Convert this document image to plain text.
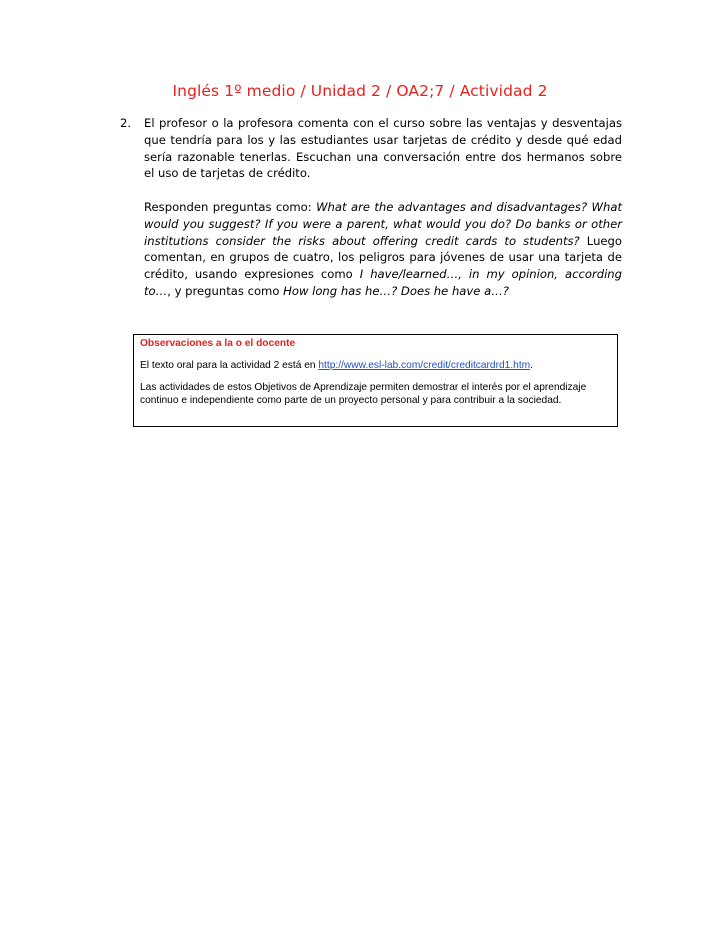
Inglés 1º medio / Unidad 2 / OA2;7 / Actividad 2
2. El profesor o la profesora comenta con el curso sobre las ventajas y desventajas que tendría para los y las estudiantes usar tarjetas de crédito y desde qué edad sería razonable tenerlas. Escuchan una conversación entre dos hermanos sobre el uso de tarjetas de crédito.

Responden preguntas como: What are the advantages and disadvantages? What would you suggest? If you were a parent, what would you do? Do banks or other institutions consider the risks about offering credit cards to students? Luego comentan, en grupos de cuatro, los peligros para jóvenes de usar una tarjeta de crédito, usando expresiones como I have/learned…, in my opinion, according to…, y preguntas como How long has he…? Does he have a…?

Observaciones a la o el docente

El texto oral para la actividad 2 está en http://www.esl-lab.com/credit/creditcardrd1.htm.

Las actividades de estos Objetivos de Aprendizaje permiten demostrar el interés por el aprendizaje continuo e independiente como parte de un proyecto personal y para contribuir a la sociedad.
